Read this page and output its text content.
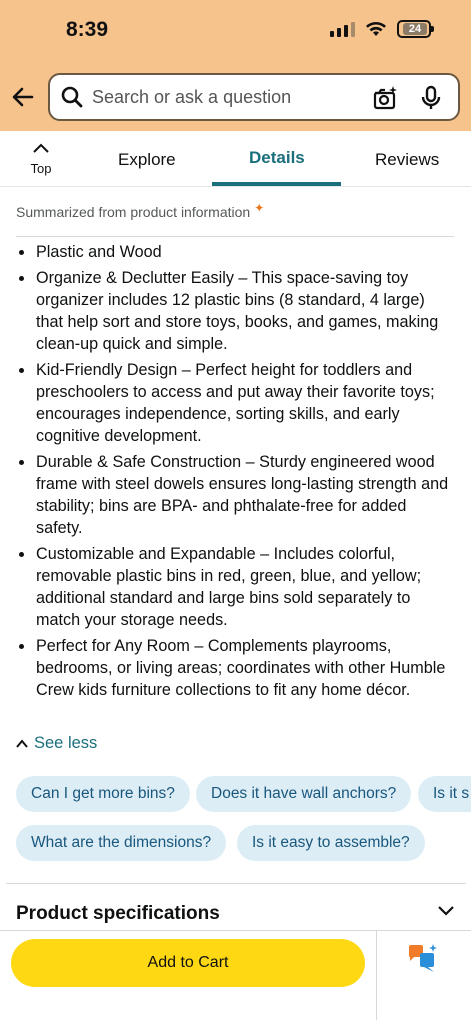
8:39	24
Search or ask a question
Top	Explore	Details	Reviews
Summarized from product information ✦
Plastic and Wood
Organize & Declutter Easily – This space-saving toy organizer includes 12 plastic bins (8 standard, 4 large) that help sort and store toys, books, and games, making clean-up quick and simple.
Kid-Friendly Design – Perfect height for toddlers and preschoolers to access and put away their favorite toys; encourages independence, sorting skills, and early cognitive development.
Durable & Safe Construction – Sturdy engineered wood frame with steel dowels ensures long-lasting strength and stability; bins are BPA- and phthalate-free for added safety.
Customizable and Expandable – Includes colorful, removable plastic bins in red, green, blue, and yellow; additional standard and large bins sold separately to match your storage needs.
Perfect for Any Room – Complements playrooms, bedrooms, or living areas; coordinates with other Humble Crew kids furniture collections to fit any home décor.
See less
Can I get more bins?	Does it have wall anchors?	Is it s
What are the dimensions?	Is it easy to assemble?
Product specifications
Add to Cart
